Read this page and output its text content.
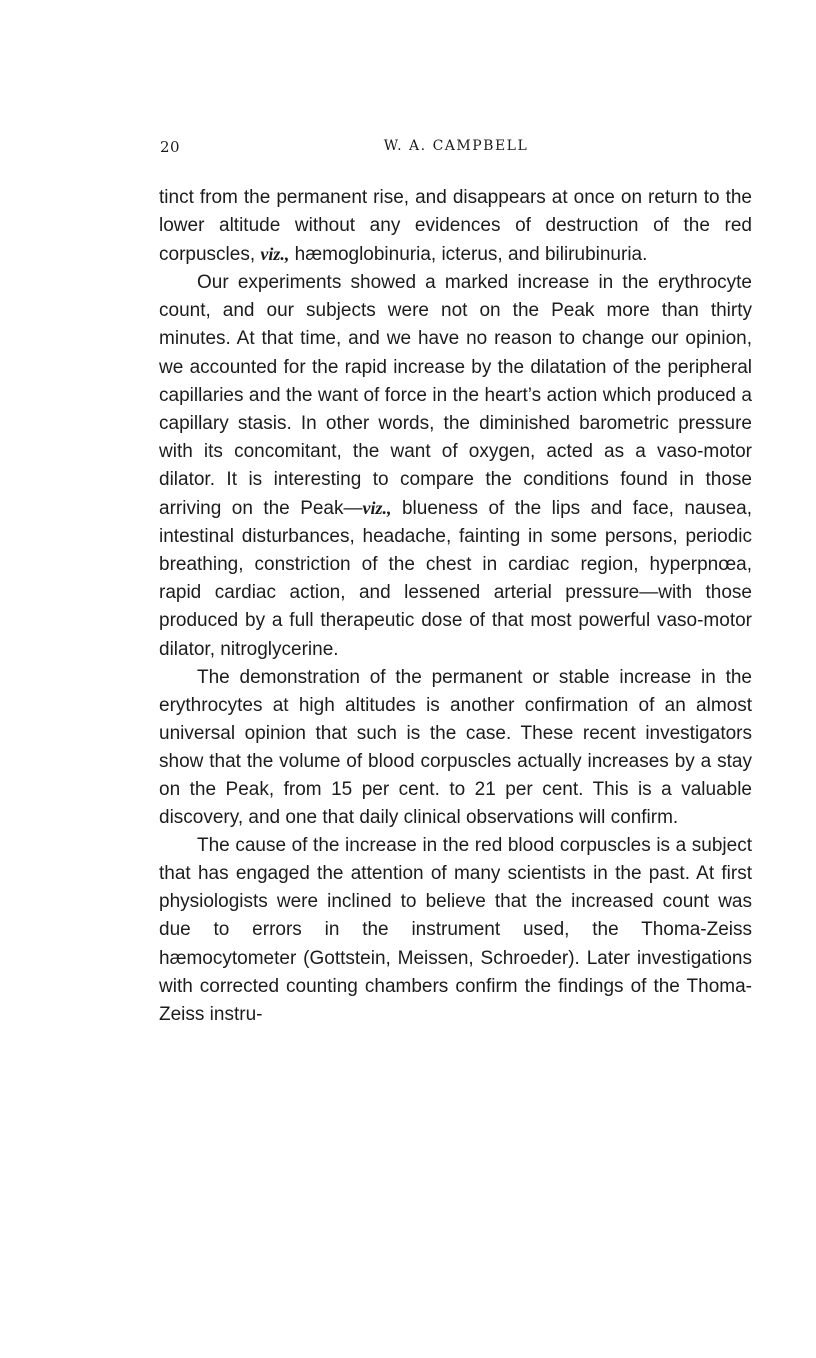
20	W. A. CAMPBELL

tinct from the permanent rise, and disappears at once on return to the lower altitude without any evidences of destruction of the red corpuscles, viz., hæmoglobinuria, icterus, and bilirubinuria.

Our experiments showed a marked increase in the erythrocyte count, and our subjects were not on the Peak more than thirty minutes. At that time, and we have no reason to change our opinion, we accounted for the rapid increase by the dilatation of the peripheral capillaries and the want of force in the heart’s action which produced a capillary stasis. In other words, the diminished barometric pressure with its concomitant, the want of oxygen, acted as a vaso-motor dilator. It is interesting to compare the conditions found in those arriving on the Peak—viz., blueness of the lips and face, nausea, intestinal disturbances, headache, fainting in some persons, periodic breathing, constriction of the chest in cardiac region, hyperpnœa, rapid cardiac action, and lessened arterial pressure—with those produced by a full therapeutic dose of that most powerful vaso-motor dilator, nitroglycerine.

The demonstration of the permanent or stable increase in the erythrocytes at high altitudes is another confirmation of an almost universal opinion that such is the case. These recent investigators show that the volume of blood corpuscles actually increases by a stay on the Peak, from 15 per cent. to 21 per cent. This is a valuable discovery, and one that daily clinical observations will confirm.

The cause of the increase in the red blood corpuscles is a subject that has engaged the attention of many scientists in the past. At first physiologists were inclined to believe that the increased count was due to errors in the instrument used, the Thoma-Zeiss hæmocytometer (Gottstein, Meissen, Schroeder). Later investigations with corrected counting chambers confirm the findings of the Thoma-Zeiss instru-
